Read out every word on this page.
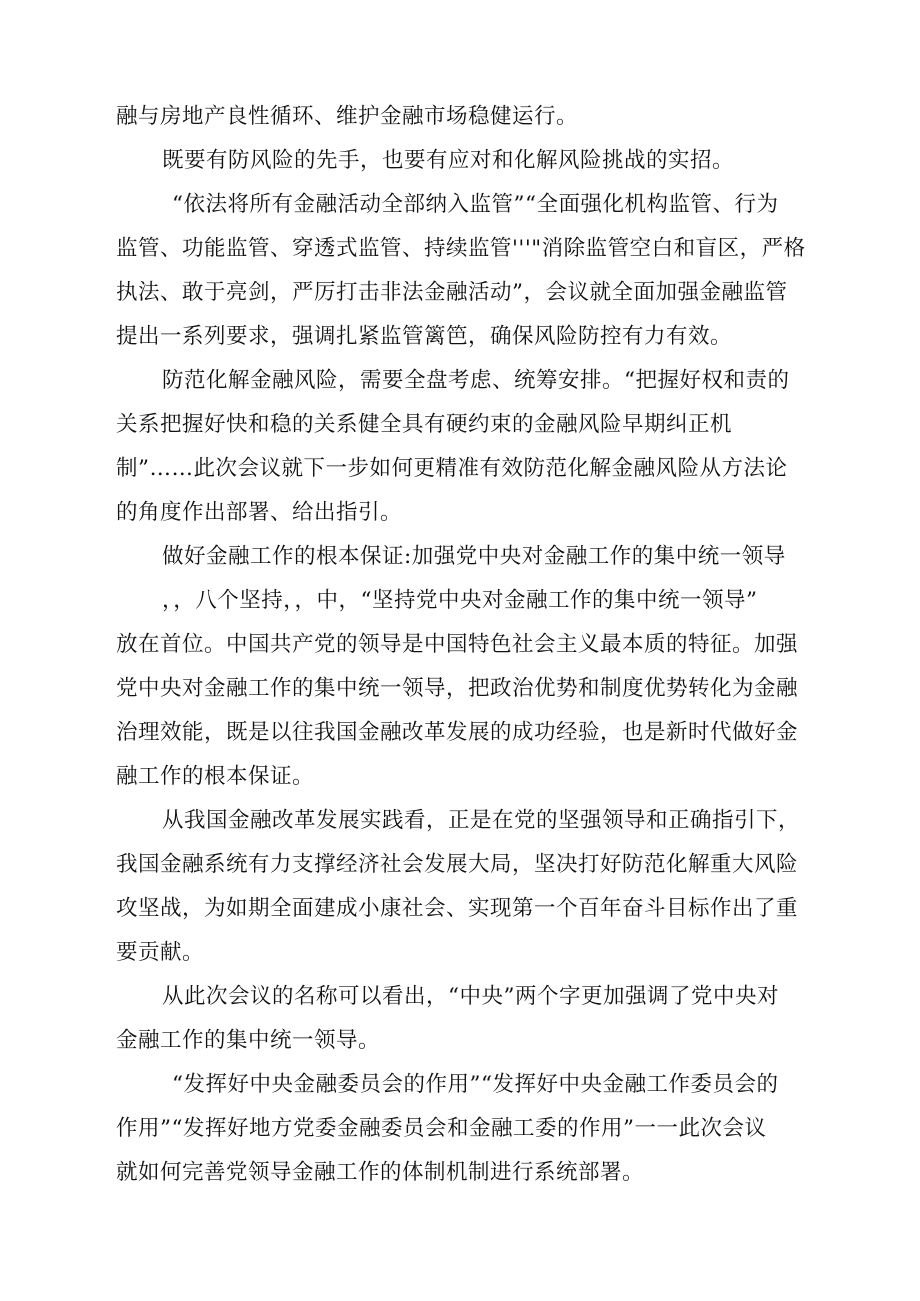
融与房地产良性循环、维护金融市场稳健运行。
既要有防风险的先手，也要有应对和化解风险挑战的实招。
“依法将所有金融活动全部纳入监管”“全面强化机构监管、行为
监管、功能监管、穿透式监管、持续监管'''"消除监管空白和盲区，严格
执法、敢于亮剑，严厉打击非法金融活动”，会议就全面加强金融监管
提出一系列要求，强调扎紧监管篱笆，确保风险防控有力有效。
防范化解金融风险，需要全盘考虑、统筹安排。“把握好权和责的
关系把握好快和稳的关系健全具有硬约束的金融风险早期纠正机
制”……此次会议就下一步如何更精准有效防范化解金融风险从方法论
的角度作出部署、给出指引。
做好金融工作的根本保证:加强党中央对金融工作的集中统一领导
，，八个坚持，，中，“坚持党中央对金融工作的集中统一领导”
放在首位。中国共产党的领导是中国特色社会主义最本质的特征。加强
党中央对金融工作的集中统一领导，把政治优势和制度优势转化为金融
治理效能，既是以往我国金融改革发展的成功经验，也是新时代做好金
融工作的根本保证。
从我国金融改革发展实践看，正是在党的坚强领导和正确指引下，
我国金融系统有力支撑经济社会发展大局，坚决打好防范化解重大风险
攻坚战，为如期全面建成小康社会、实现第一个百年奋斗目标作出了重
要贡献。
从此次会议的名称可以看出，“中央”两个字更加强调了党中央对
金融工作的集中统一领导。
“发挥好中央金融委员会的作用”“发挥好中央金融工作委员会的
作用”“发挥好地方党委金融委员会和金融工委的作用”一一此次会议
就如何完善党领导金融工作的体制机制进行系统部署。
